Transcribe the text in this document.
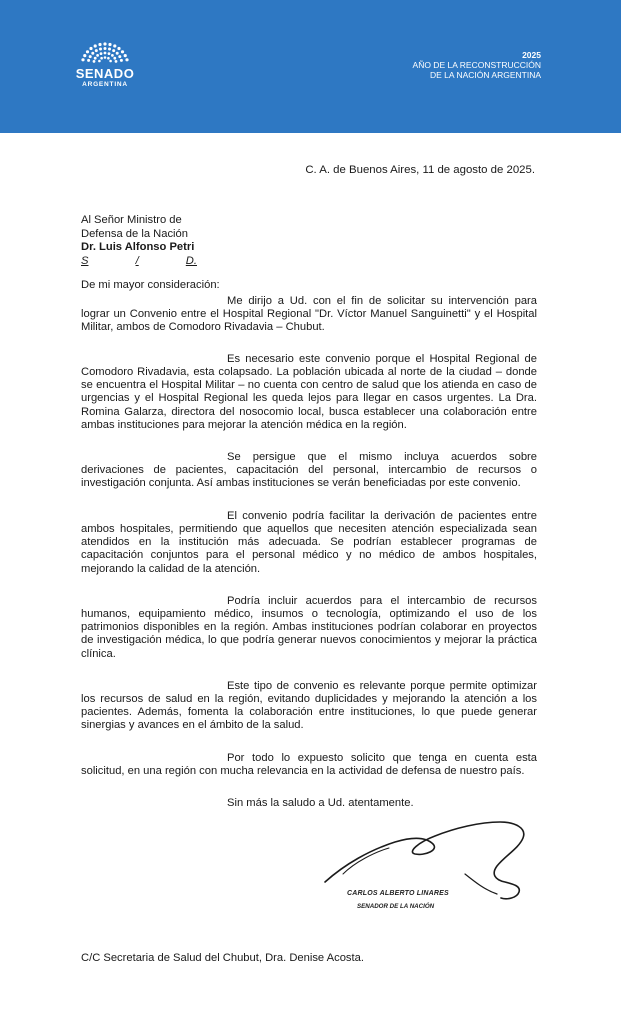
SENADO
ARGENTINA
2025
AÑO DE LA RECONSTRUCCIÓN
DE LA NACIÓN ARGENTINA
C. A. de Buenos Aires, 11 de agosto de 2025.
Al Señor Ministro de
Defensa de la Nación
Dr. Luis Alfonso Petri
S	/	D.
De mi mayor consideración:

Me dirijo a Ud. con el fin de solicitar su intervención para lograr un Convenio entre el Hospital Regional "Dr. Víctor Manuel Sanguinetti" y el Hospital Militar, ambos de Comodoro Rivadavia – Chubut.

Es necesario este convenio porque el Hospital Regional de Comodoro Rivadavia, esta colapsado. La población ubicada al norte de la ciudad – donde se encuentra el Hospital Militar – no cuenta con centro de salud que los atienda en caso de urgencias y el Hospital Regional les queda lejos para llegar en casos urgentes. La Dra. Romina Galarza, directora del nosocomio local, busca establecer una colaboración entre ambas instituciones para mejorar la atención médica en la región.

Se persigue que el mismo incluya acuerdos sobre derivaciones de pacientes, capacitación del personal, intercambio de recursos o investigación conjunta. Así ambas instituciones se verán beneficiadas por este convenio.

El convenio podría facilitar la derivación de pacientes entre ambos hospitales, permitiendo que aquellos que necesiten atención especializada sean atendidos en la institución más adecuada. Se podrían establecer programas de capacitación conjuntos para el personal médico y no médico de ambos hospitales, mejorando la calidad de la atención.

Podría incluir acuerdos para el intercambio de recursos humanos, equipamiento médico, insumos o tecnología, optimizando el uso de los patrimonios disponibles en la región. Ambas instituciones podrían colaborar en proyectos de investigación médica, lo que podría generar nuevos conocimientos y mejorar la práctica clínica.

Este tipo de convenio es relevante porque permite optimizar los recursos de salud en la región, evitando duplicidades y mejorando la atención a los pacientes. Además, fomenta la colaboración entre instituciones, lo que puede generar sinergias y avances en el ámbito de la salud.

Por todo lo expuesto solicito que tenga en cuenta esta solicitud, en una región con mucha relevancia en la actividad de defensa de nuestro país.

Sin más la saludo a Ud. atentamente.
CARLOS ALBERTO LINARES
SENADOR DE LA NACIÓN
C/C Secretaria de Salud del Chubut, Dra. Denise Acosta.
